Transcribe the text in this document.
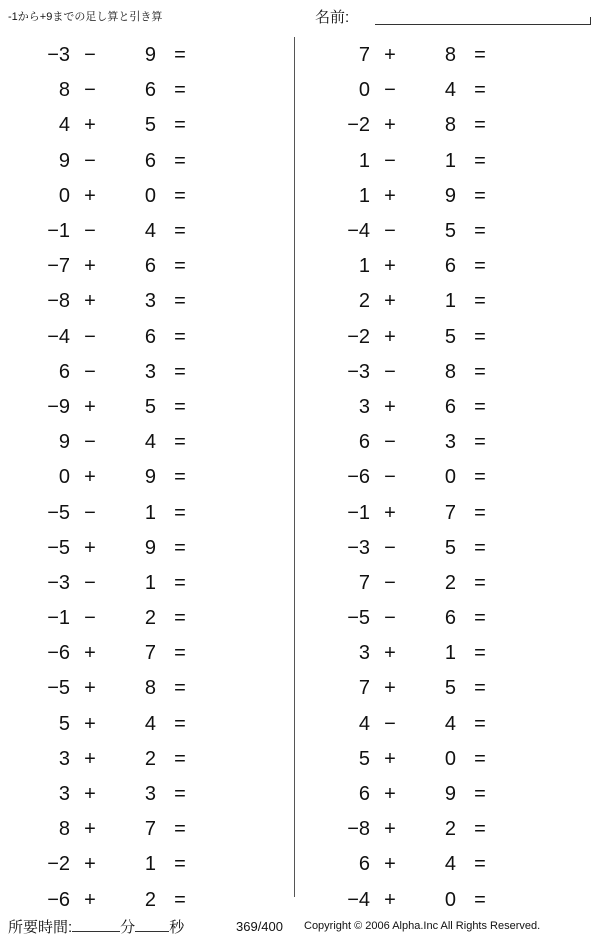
-1から+9までの足し算と引き算	名前:
−3 −	9 =
8 −	6 =
4 +	5 =
9 −	6 =
0 +	0 =
−1 −	4 =
−7 +	6 =
−8 +	3 =
−4 −	6 =
6 −	3 =
−9 +	5 =
9 −	4 =
0 +	9 =
−5 −	1 =
−5 +	9 =
−3 −	1 =
−1 −	2 =
−6 +	7 =
−5 +	8 =
5 +	4 =
3 +	2 =
3 +	3 =
8 +	7 =
−2 +	1 =
−6 +	2 =
7 +	8 =
0 −	4 =
−2 +	8 =
1 −	1 =
1 +	9 =
−4 −	5 =
1 +	6 =
2 +	1 =
−2 +	5 =
−3 −	8 =
3 +	6 =
6 −	3 =
−6 −	0 =
−1 +	7 =
−3 −	5 =
7 −	2 =
−5 −	6 =
3 +	1 =
7 +	5 =
4 −	4 =
5 +	0 =
6 +	9 =
−8 +	2 =
6 +	4 =
−4 +	0 =
所要時間:	分 秒	369/400 Copyright © 2006 Alpha.Inc All Rights Reserved.
